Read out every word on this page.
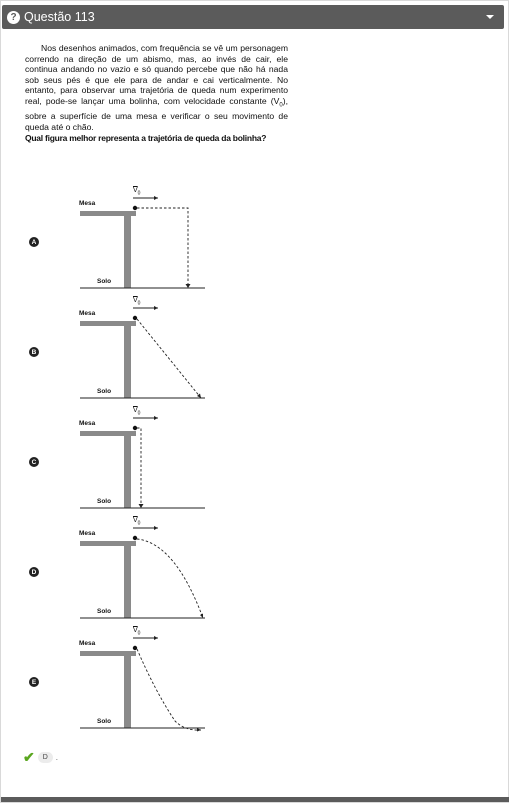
? Questão 113

Nos desenhos animados, com frequência se vê um personagem correndo na direção de um abismo, mas, ao invés de cair, ele continua andando no vazio e só quando percebe que não há nada sob seus pés é que ele para de andar e cai verticalmente. No entanto, para observar uma trajetória de queda num experimento real, pode-se lançar uma bolinha, com velocidade constante $(V_0)$, sobre a superfície de uma mesa e verificar o seu movimento de queda até o chão.

Qual figura melhor representa a trajetória de queda da bolinha?
A
Mesa
Solo
$\overline{V}_0$
B
Mesa
Solo
$\overline{V}_0$
C
Mesa
Solo
$\overline{V}_0$
D
Mesa
Solo
$\overline{V}_0$
E
Mesa
Solo
$\overline{V}_0$
✔	D	.
